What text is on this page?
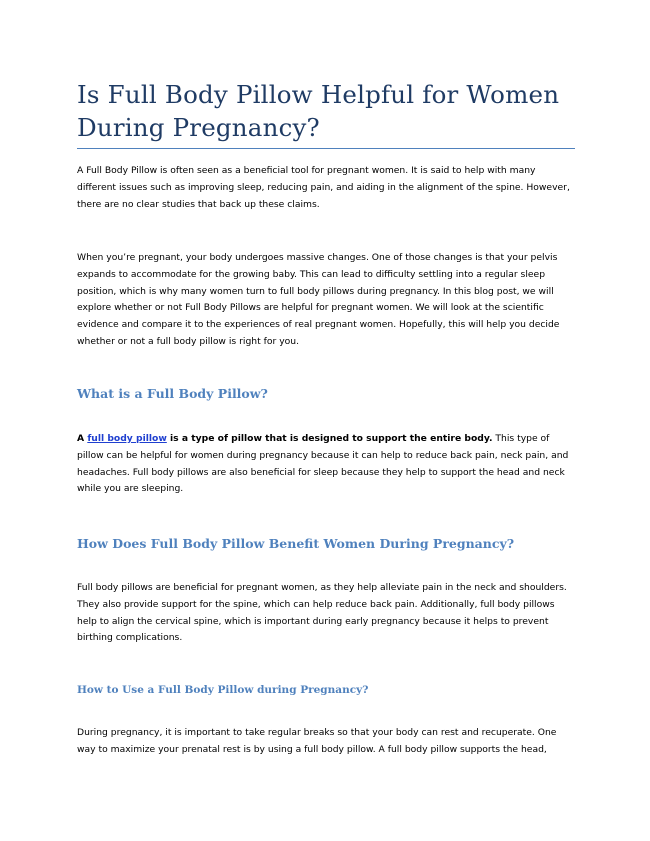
Is Full Body Pillow Helpful for Women During Pregnancy?

A Full Body Pillow is often seen as a beneficial tool for pregnant women. It is said to help with many different issues such as improving sleep, reducing pain, and aiding in the alignment of the spine. However, there are no clear studies that back up these claims.

When you’re pregnant, your body undergoes massive changes. One of those changes is that your pelvis expands to accommodate for the growing baby. This can lead to difficulty settling into a regular sleep position, which is why many women turn to full body pillows during pregnancy. In this blog post, we will explore whether or not Full Body Pillows are helpful for pregnant women. We will look at the scientific evidence and compare it to the experiences of real pregnant women. Hopefully, this will help you decide whether or not a full body pillow is right for you.

What is a Full Body Pillow?

A full body pillow is a type of pillow that is designed to support the entire body. This type of pillow can be helpful for women during pregnancy because it can help to reduce back pain, neck pain, and headaches. Full body pillows are also beneficial for sleep because they help to support the head and neck while you are sleeping.

How Does Full Body Pillow Benefit Women During Pregnancy?

Full body pillows are beneficial for pregnant women, as they help alleviate pain in the neck and shoulders. They also provide support for the spine, which can help reduce back pain. Additionally, full body pillows help to align the cervical spine, which is important during early pregnancy because it helps to prevent birthing complications.

How to Use a Full Body Pillow during Pregnancy?

During pregnancy, it is important to take regular breaks so that your body can rest and recuperate. One way to maximize your prenatal rest is by using a full body pillow. A full body pillow supports the head,
